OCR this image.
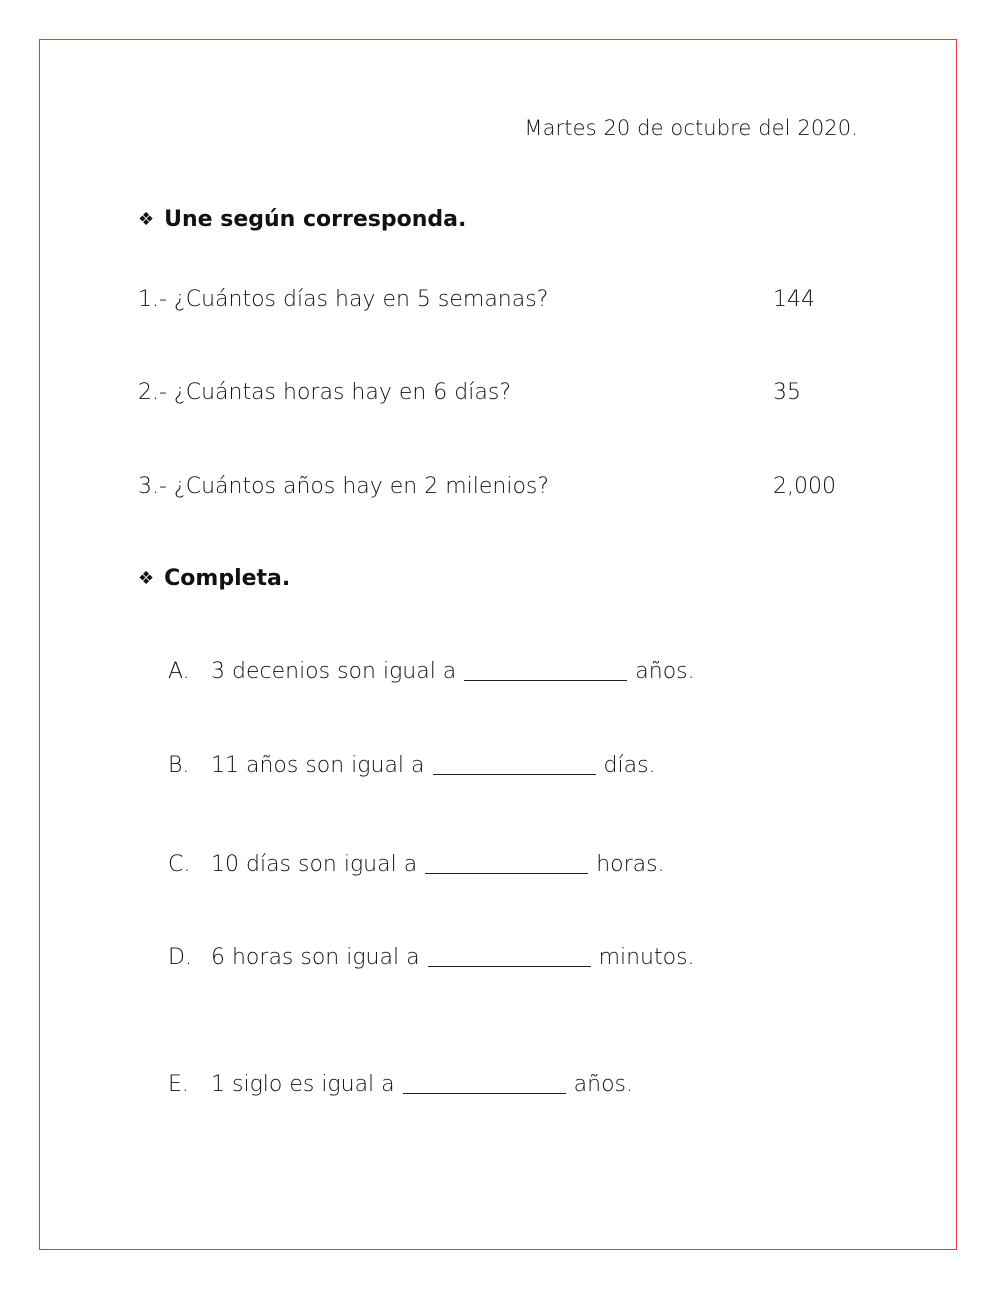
Martes 20 de octubre del 2020.
❖ Une según corresponda.
1.- ¿Cuántos días hay en 5 semanas?	144
2.- ¿Cuántas horas hay en 6 días?	35
3.- ¿Cuántos años hay en 2 milenios?	2,000
❖ Completa.
A. 3 decenios son igual a	años.
B. 11 años son igual a	días.
C. 10 días son igual a	horas.
D. 6 horas son igual a	minutos.
E.	1 siglo es igual a	años.
